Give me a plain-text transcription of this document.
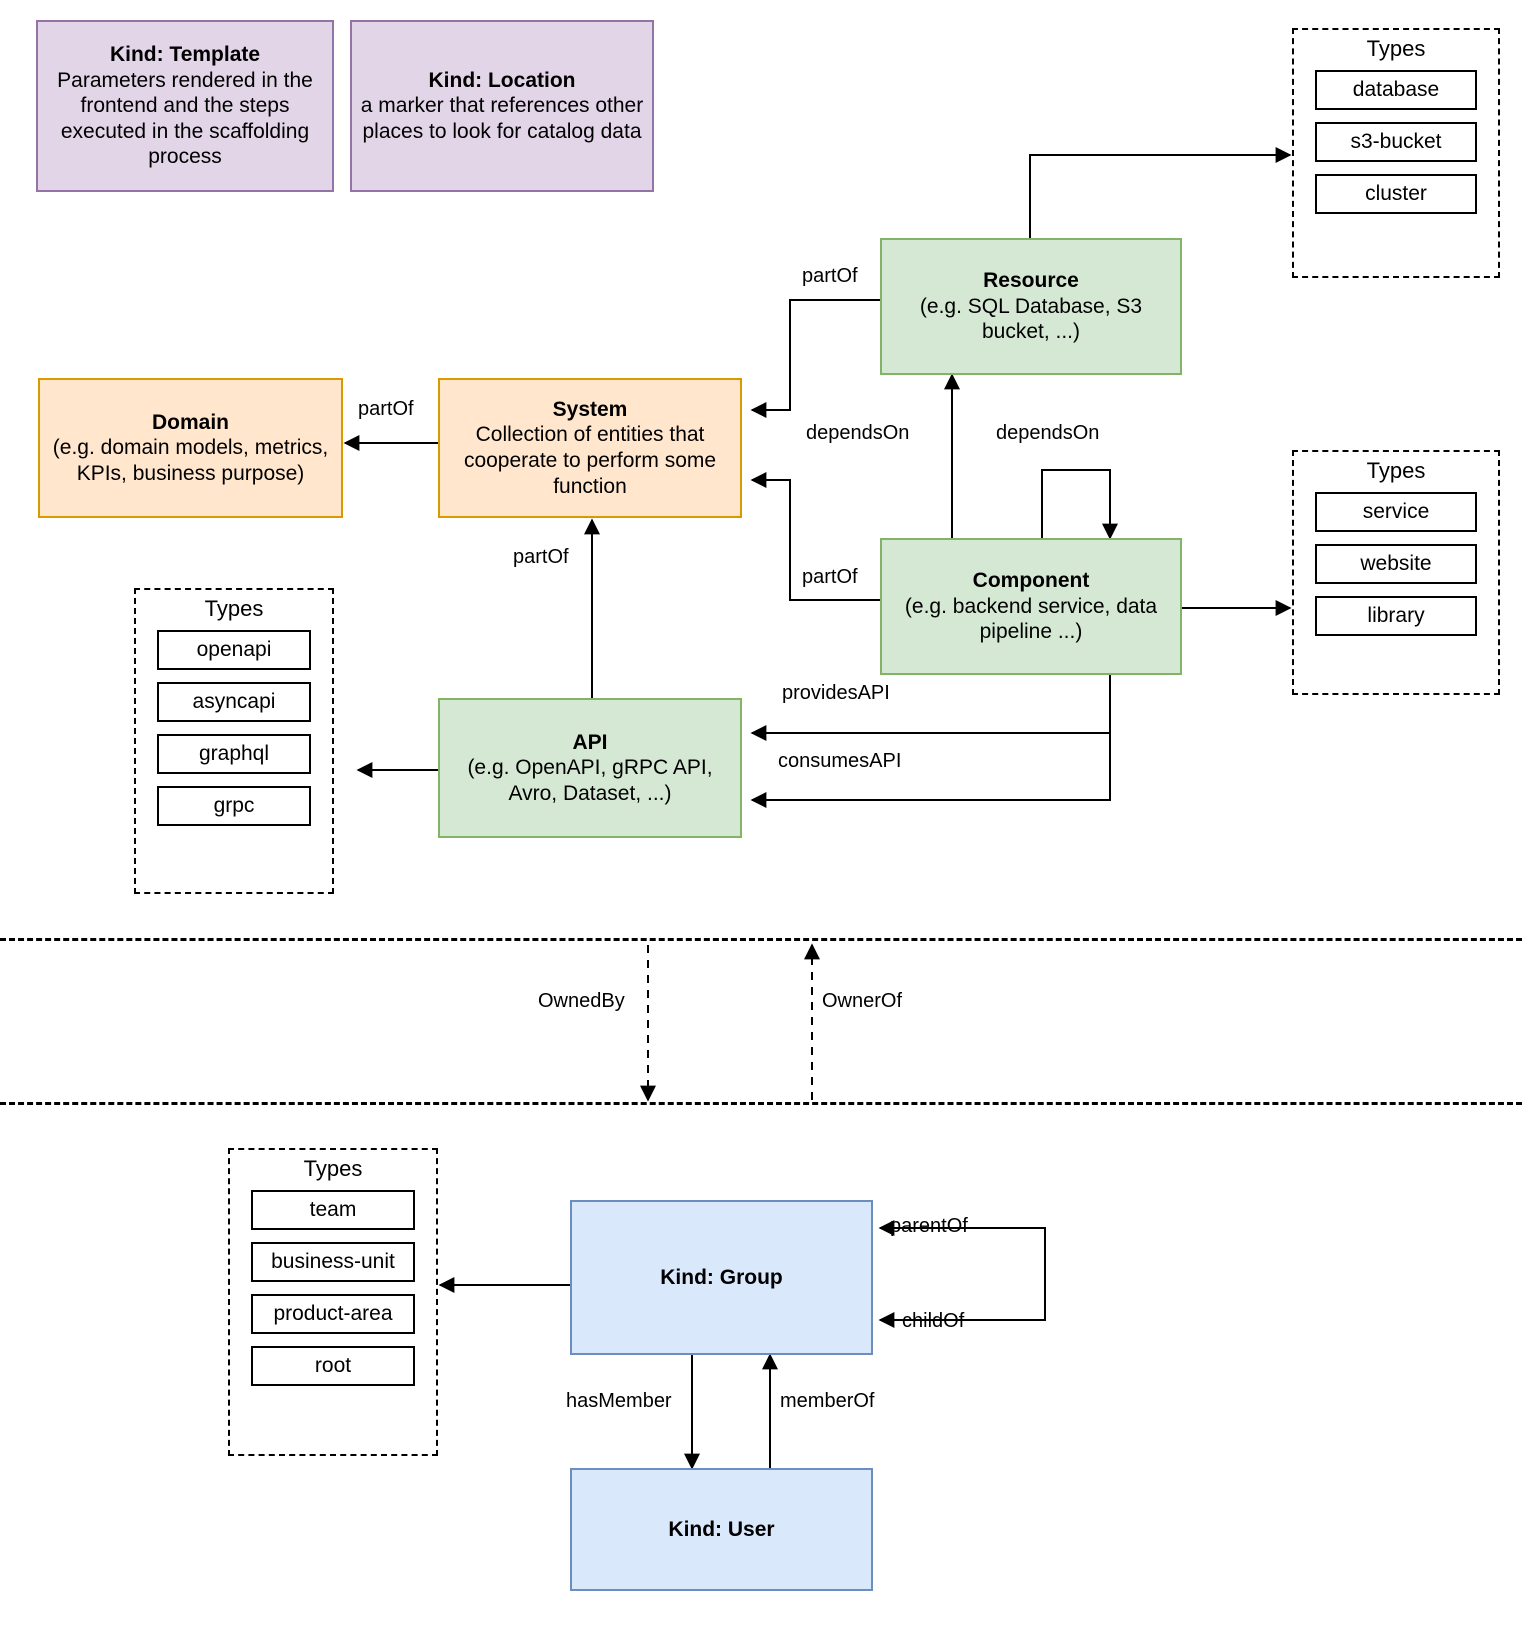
Kind: Template
Parameters rendered in the frontend and the steps executed in the scaffolding process
Kind: Location
a marker that references other places to look for catalog data
Resource
(e.g. SQL Database, S3 bucket, ...)
Types
database
s3-bucket
cluster
Domain
(e.g. domain models, metrics, KPIs, business purpose)
System
Collection of entities that cooperate to perform some function
Component
(e.g. backend service, data pipeline ...)
Types
service
website
library
API
(e.g. OpenAPI, gRPC API, Avro, Dataset, ...)
Types
openapi
asyncapi
graphql
grpc
Types
team
business-unit
product-area
root
Kind: Group
Kind: User
partOf
partOf
dependsOn	dependsOn
partOf
partOf
providesAPI
consumesAPI
OwnedBy	OwnerOf
parentOf
childOf
hasMember	memberOf
